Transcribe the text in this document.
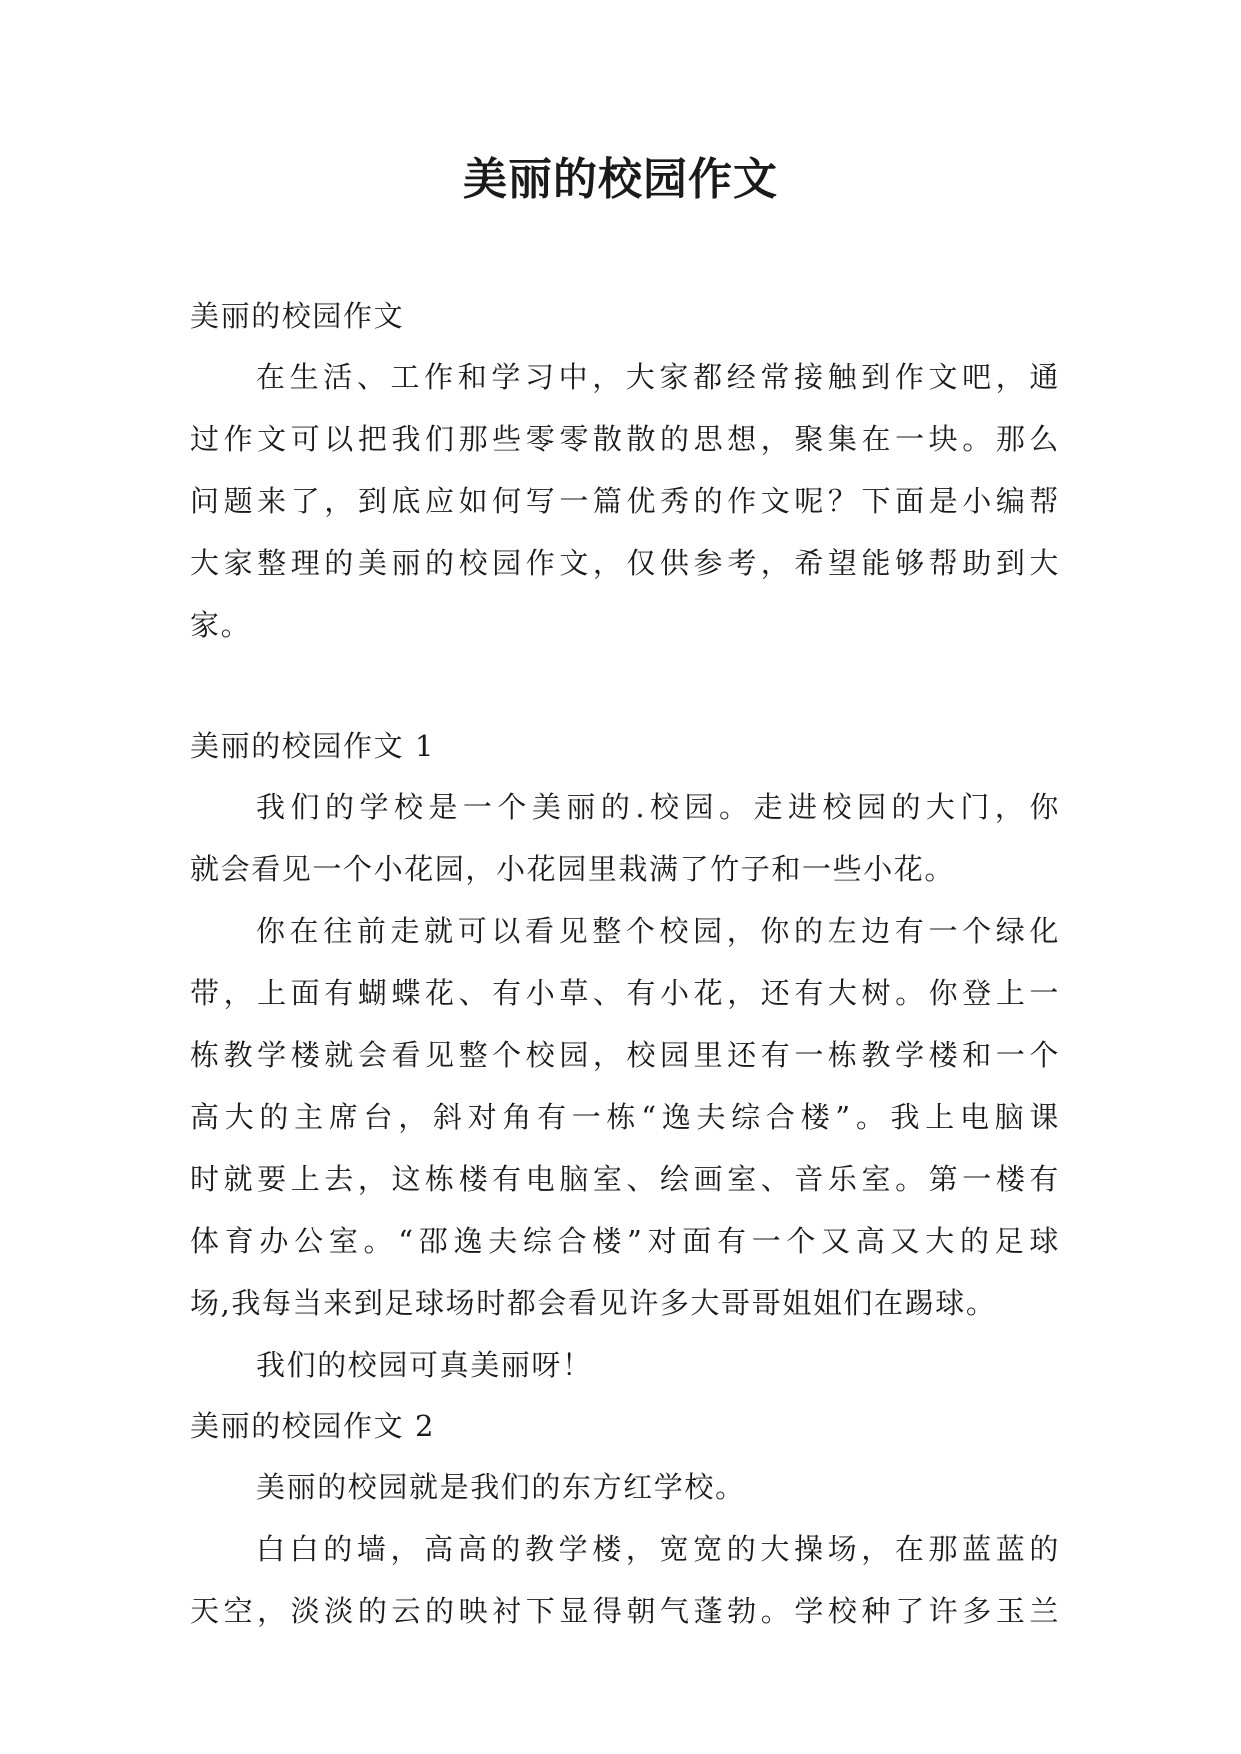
美丽的校园作文
美丽的校园作文
在生活、工作和学习中，大家都经常接触到作文吧，通
过作文可以把我们那些零零散散的思想，聚集在一块。那么
问题来了，到底应如何写一篇优秀的作文呢？下面是小编帮
大家整理的美丽的校园作文，仅供参考，希望能够帮助到大
家。
美丽的校园作文 1
我们的学校是一个美丽的.校园。走进校园的大门，你
就会看见一个小花园，小花园里栽满了竹子和一些小花。
你在往前走就可以看见整个校园，你的左边有一个绿化
带，上面有蝴蝶花、有小草、有小花，还有大树。你登上一
栋教学楼就会看见整个校园，校园里还有一栋教学楼和一个
高大的主席台，斜对角有一栋“逸夫综合楼”。我上电脑课
时就要上去，这栋楼有电脑室、绘画室、音乐室。第一楼有
体育办公室。“邵逸夫综合楼”对面有一个又高又大的足球
场,我每当来到足球场时都会看见许多大哥哥姐姐们在踢球。
我们的校园可真美丽呀！
美丽的校园作文 2
美丽的校园就是我们的东方红学校。
白白的墙，高高的教学楼，宽宽的大操场，在那蓝蓝的
天空，淡淡的云的映衬下显得朝气蓬勃。学校种了许多玉兰
